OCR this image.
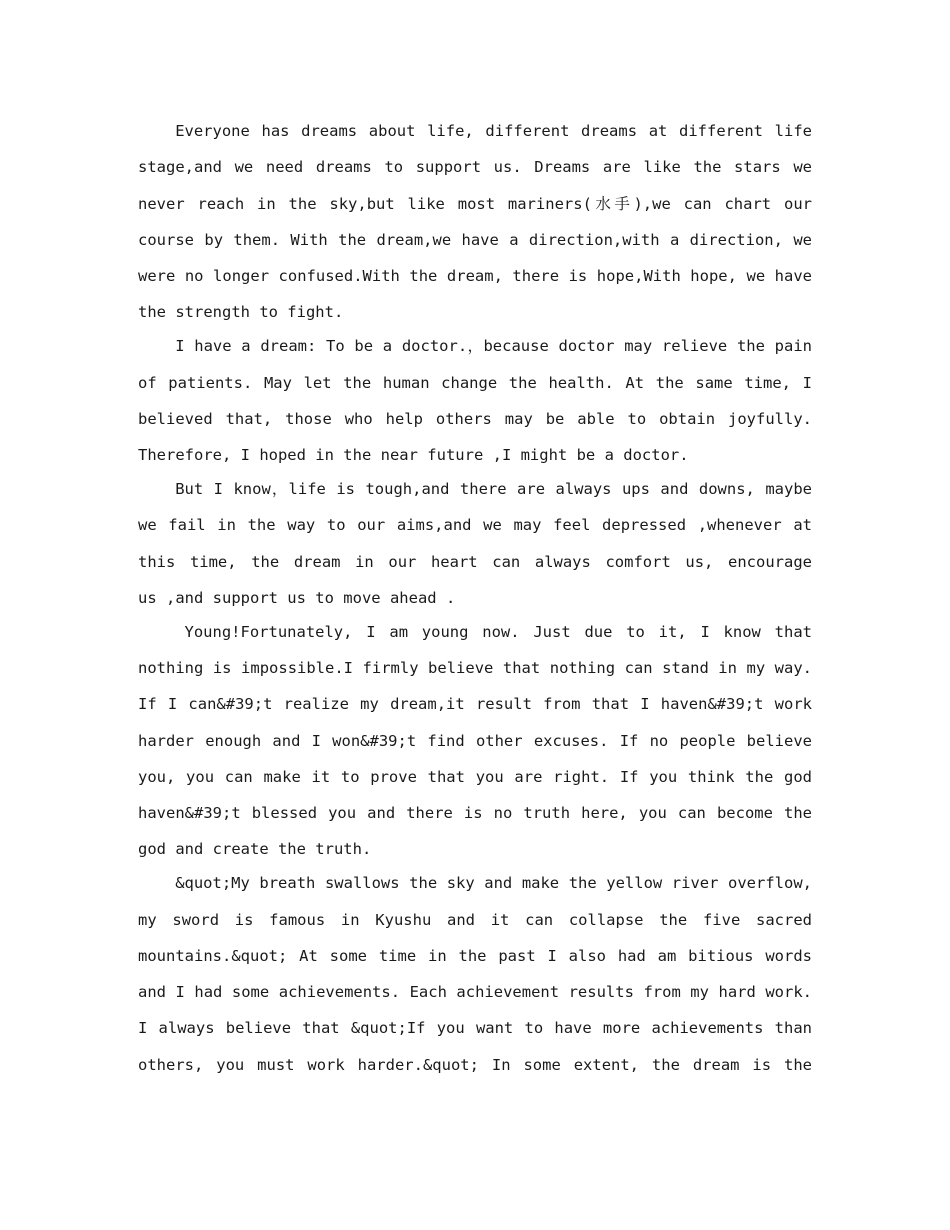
Everyone has dreams about life, different dreams at different life
stage,and we need dreams to support us. Dreams are like the stars we
never reach in the sky,but like most mariners(水手),we can chart our
course by them. With the dream,we have a direction,with a direction, we
were no longer confused.With the dream, there is hope,With hope, we have
the strength to fight.
I have a dream: To be a doctor.，because doctor may relieve the pain
of patients. May let the human change the health. At the same time, I
believed that, those who help others may be able to obtain joyfully.
Therefore, I hoped in the near future ,I might be a doctor.
But I know，life is tough,and there are always ups and downs, maybe
we fail in the way to our aims,and we may feel depressed ,whenever at
this time, the dream in our heart can always comfort us, encourage
us ,and support us to move ahead .
Young!Fortunately, I am young now. Just due to it, I know that
nothing is impossible.I firmly believe that nothing can stand in my way.
If I can&#39;t realize my dream,it result from that I haven&#39;t work
harder enough and I won&#39;t find other excuses. If no people believe
you, you can make it to prove that you are right. If you think the god
haven&#39;t blessed you and there is no truth here, you can become the
god and create the truth.
&quot;My breath swallows the sky and make the yellow river overflow,
my sword is famous in Kyushu and it can collapse the five sacred
mountains.&quot; At some time in the past I also had am bitious words
and I had some achievements. Each achievement results from my hard work.
I always believe that &quot;If you want to have more achievements than
others, you must work harder.&quot; In some extent, the dream is the
